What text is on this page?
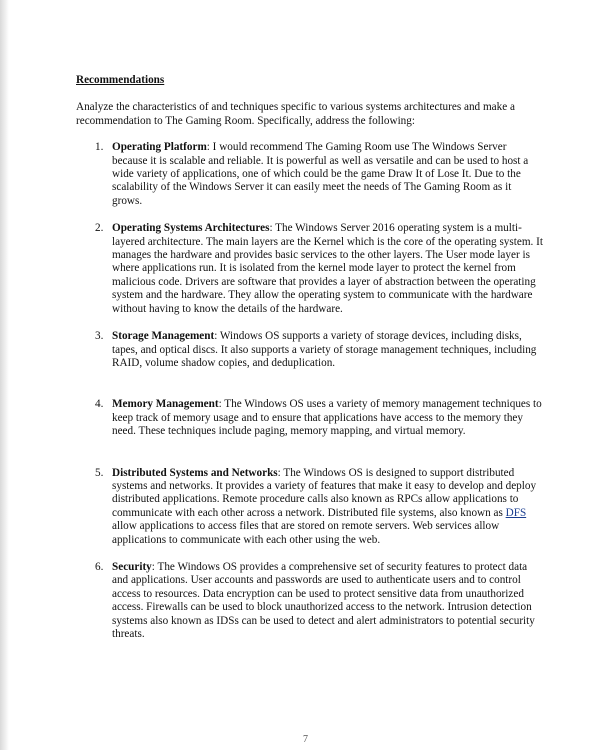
Recommendations

Analyze the characteristics of and techniques specific to various systems architectures and make a recommendation to The Gaming Room. Specifically, address the following:

1. Operating Platform: I would recommend The Gaming Room use The Windows Server because it is scalable and reliable. It is powerful as well as versatile and can be used to host a wide variety of applications, one of which could be the game Draw It of Lose It. Due to the scalability of the Windows Server it can easily meet the needs of The Gaming Room as it grows.
2. Operating Systems Architectures: The Windows Server 2016 operating system is a multi-layered architecture. The main layers are the Kernel which is the core of the operating system. It manages the hardware and provides basic services to the other layers. The User mode layer is where applications run. It is isolated from the kernel mode layer to protect the kernel from malicious code. Drivers are software that provides a layer of abstraction between the operating system and the hardware. They allow the operating system to communicate with the hardware without having to know the details of the hardware.
3. Storage Management: Windows OS supports a variety of storage devices, including disks, tapes, and optical discs. It also supports a variety of storage management techniques, including RAID, volume shadow copies, and deduplication.
4. Memory Management: The Windows OS uses a variety of memory management techniques to keep track of memory usage and to ensure that applications have access to the memory they need. These techniques include paging, memory mapping, and virtual memory.
5. Distributed Systems and Networks: The Windows OS is designed to support distributed systems and networks. It provides a variety of features that make it easy to develop and deploy distributed applications. Remote procedure calls also known as RPCs allow applications to communicate with each other across a network. Distributed file systems, also known as DFS allow applications to access files that are stored on remote servers. Web services allow applications to communicate with each other using the web.
6. Security: The Windows OS provides a comprehensive set of security features to protect data and applications. User accounts and passwords are used to authenticate users and to control access to resources. Data encryption can be used to protect sensitive data from unauthorized access. Firewalls can be used to block unauthorized access to the network. Intrusion detection systems also known as IDSs can be used to detect and alert administrators to potential security threats.
7
